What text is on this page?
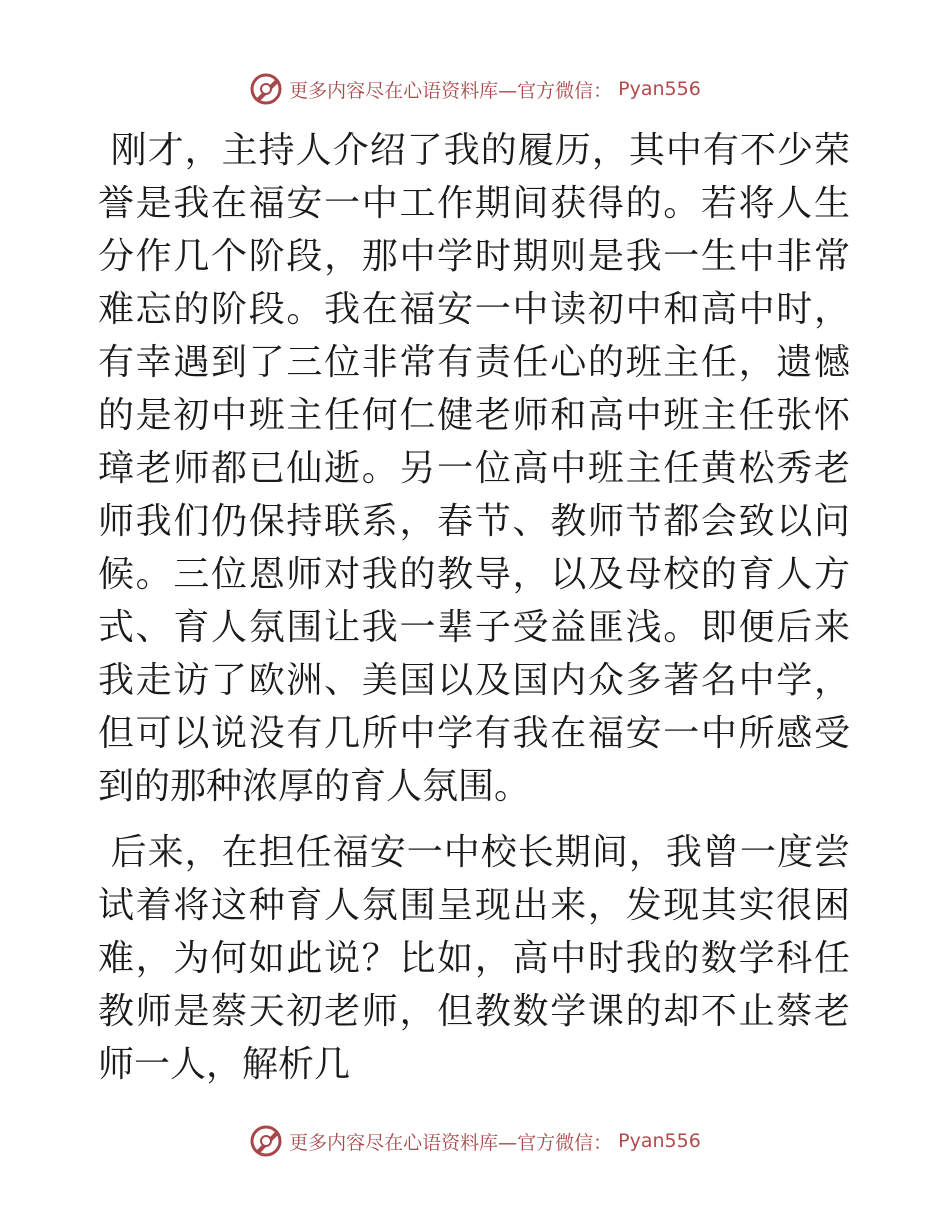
更多内容尽在心语资料库—官方微信： Pyan556

刚才，主持人介绍了我的履历，其中有不少荣誉是我在福安一中工作期间获得的。若将人生分作几个阶段，那中学时期则是我一生中非常难忘的阶段。我在福安一中读初中和高中时，有幸遇到了三位非常有责任心的班主任，遗憾的是初中班主任何仁健老师和高中班主任张怀璋老师都已仙逝。另一位高中班主任黄松秀老师我们仍保持联系，春节、教师节都会致以问候。三位恩师对我的教导，以及母校的育人方式、育人氛围让我一辈子受益匪浅。即便后来我走访了欧洲、美国以及国内众多著名中学，但可以说没有几所中学有我在福安一中所感受到的那种浓厚的育人氛围。

后来，在担任福安一中校长期间，我曾一度尝试着将这种育人氛围呈现出来，发现其实很困难，为何如此说？比如，高中时我的数学科任教师是蔡天初老师，但教数学课的却不止蔡老师一人，解析几

更多内容尽在心语资料库—官方微信： Pyan556
